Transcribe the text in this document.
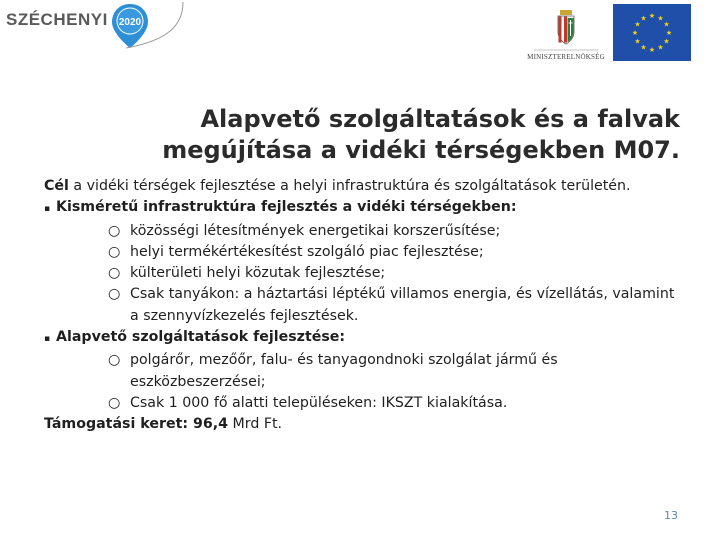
SZÉCHENYI 2020
MINISZTERELNÖKSÉG
★ ★
★
★
★
★
★
★
★
★
★
★
Alapvető szolgáltatások és a falvak
megújítása a vidéki térségekben M07.

Cél a vidéki térségek fejlesztése a helyi infrastruktúra és szolgáltatások területén.

▪ Kisméretű infrastruktúra fejlesztés a vidéki térségekben:
○ közösségi létesítmények energetikai korszerűsítése;
○ helyi termékértékesítést szolgáló piac fejlesztése;
○ külterületi helyi közutak fejlesztése;
○ Csak tanyákon: a háztartási léptékű villamos energia, és vízellátás, valamint a szennyvízkezelés fejlesztések.
▪ Alapvető szolgáltatások fejlesztése:
○ polgárőr, mezőőr, falu- és tanyagondnoki szolgálat jármű és eszközbeszerzései;
○ Csak 1 000 fő alatti településeken: IKSZT kialakítása.

Támogatási keret: 96,4 Mrd Ft.

13
